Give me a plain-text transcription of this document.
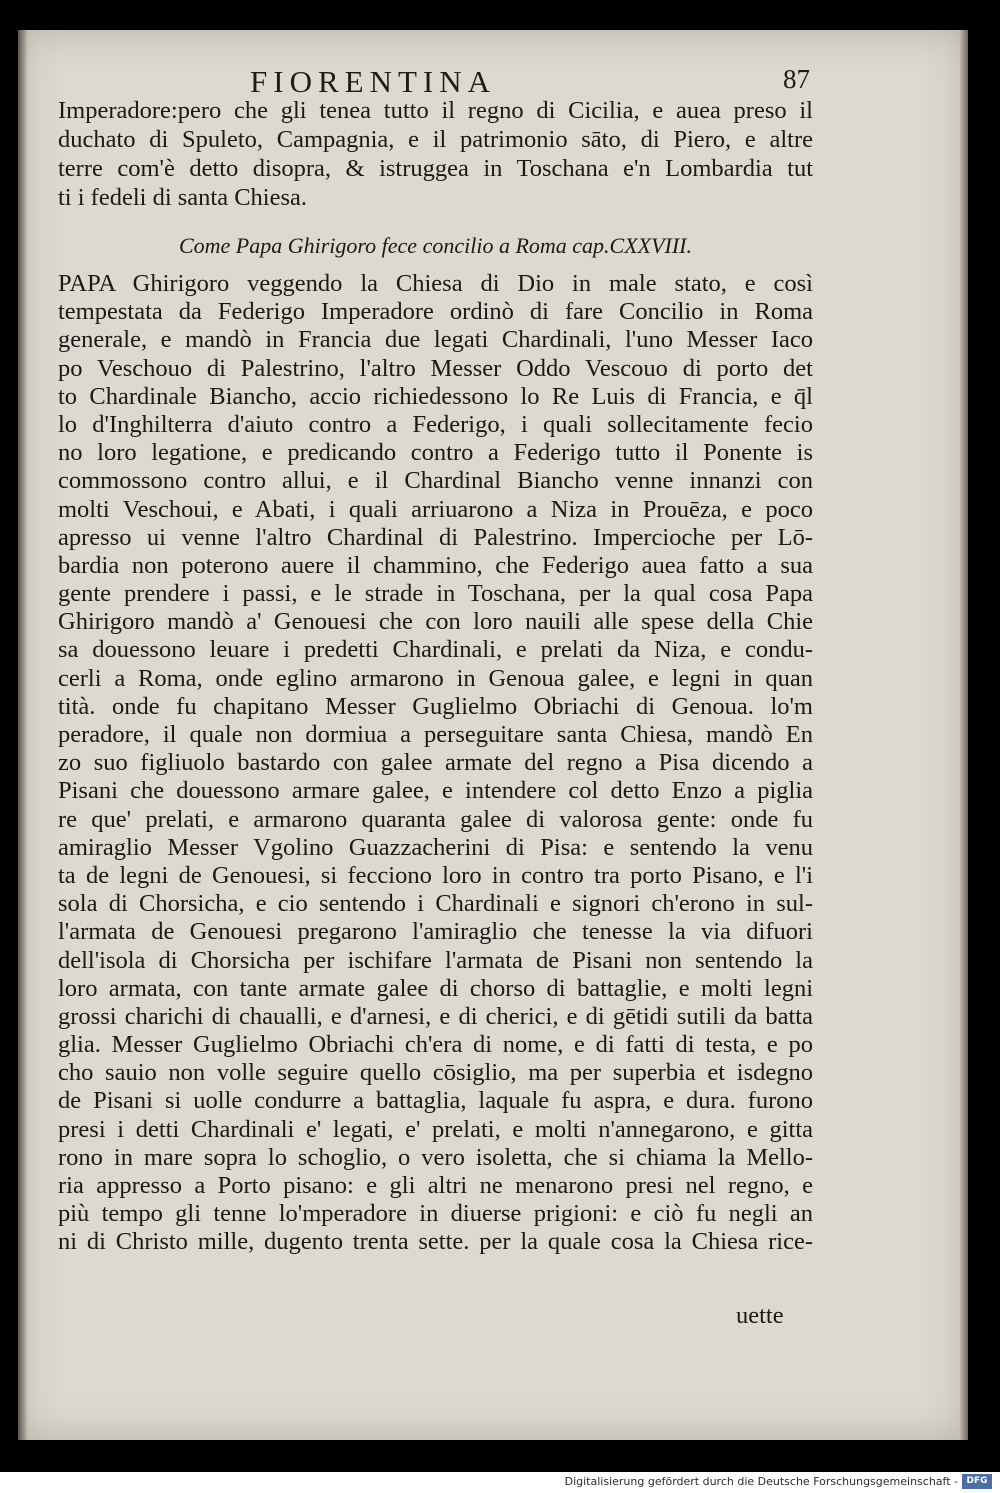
FIORENTINA	87
Imperadore:pero che gli tenea tutto il regno di Cicilia, e auea preso il
duchato di Spuleto, Campagnia, e il patrimonio sāto, di Piero, e altre
terre com'è detto disopra, & istruggea in Toschana e'n Lombardia tut
ti i fedeli di santa Chiesa.
Come Papa Ghirigoro fece concilio a Roma cap.CXXVIII.
PAPA Ghirigoro veggendo la Chiesa di Dio in male stato, e così
tempestata da Federigo Imperadore ordinò di fare Concilio in Roma
generale, e mandò in Francia due legati Chardinali, l'uno Messer Iaco
po Veschouo di Palestrino, l'altro Messer Oddo Vescouo di porto det
to Chardinale Biancho, accio richiedessono lo Re Luis di Francia, e q̄l
lo d'Inghilterra d'aiuto contro a Federigo, i quali sollecitamente fecio
no loro legatione, e predicando contro a Federigo tutto il Ponente is
commossono contro allui, e il Chardinal Biancho venne innanzi con
molti Veschoui, e Abati, i quali arriuarono a Niza in Prouēza, e poco
apresso ui venne l'altro Chardinal di Palestrino. Impercioche per Lō-
bardia non poterono auere il chammino, che Federigo auea fatto a sua
gente prendere i passi, e le strade in Toschana, per la qual cosa Papa
Ghirigoro mandò a' Genouesi che con loro nauili alle spese della Chie
sa douessono leuare i predetti Chardinali, e prelati da Niza, e condu-
cerli a Roma, onde eglino armarono in Genoua galee, e legni in quan
tità. onde fu chapitano Messer Guglielmo Obriachi di Genoua. lo'm
peradore, il quale non dormiua a perseguitare santa Chiesa, mandò En
zo suo figliuolo bastardo con galee armate del regno a Pisa dicendo a
Pisani che douessono armare galee, e intendere col detto Enzo a piglia
re que' prelati, e armarono quaranta galee di valorosa gente: onde fu
amiraglio Messer Vgolino Guazzacherini di Pisa: e sentendo la venu
ta de legni de Genouesi, si fecciono loro in contro tra porto Pisano, e l'i
sola di Chorsicha, e cio sentendo i Chardinali e signori ch'erono in sul-
l'armata de Genouesi pregarono l'amiraglio che tenesse la via difuori
dell'isola di Chorsicha per ischifare l'armata de Pisani non sentendo la
loro armata, con tante armate galee di chorso di battaglie, e molti legni
grossi charichi di chaualli, e d'arnesi, e di cherici, e di gētidi sutili da batta
glia. Messer Guglielmo Obriachi ch'era di nome, e di fatti di testa, e po
cho sauio non volle seguire quello cōsiglio, ma per superbia et isdegno
de Pisani si uolle condurre a battaglia, laquale fu aspra, e dura. furono
presi i detti Chardinali e' legati, e' prelati, e molti n'annegarono, e gitta
rono in mare sopra lo schoglio, o vero isoletta, che si chiama la Mello-
ria appresso a Porto pisano: e gli altri ne menarono presi nel regno, e
più tempo gli tenne lo'mperadore in diuerse prigioni: e ciò fu negli an
ni di Christo mille, dugento trenta sette. per la quale cosa la Chiesa rice-
uette
Digitalisierung gefördert durch die Deutsche Forschungsgemeinschaft - DFG
